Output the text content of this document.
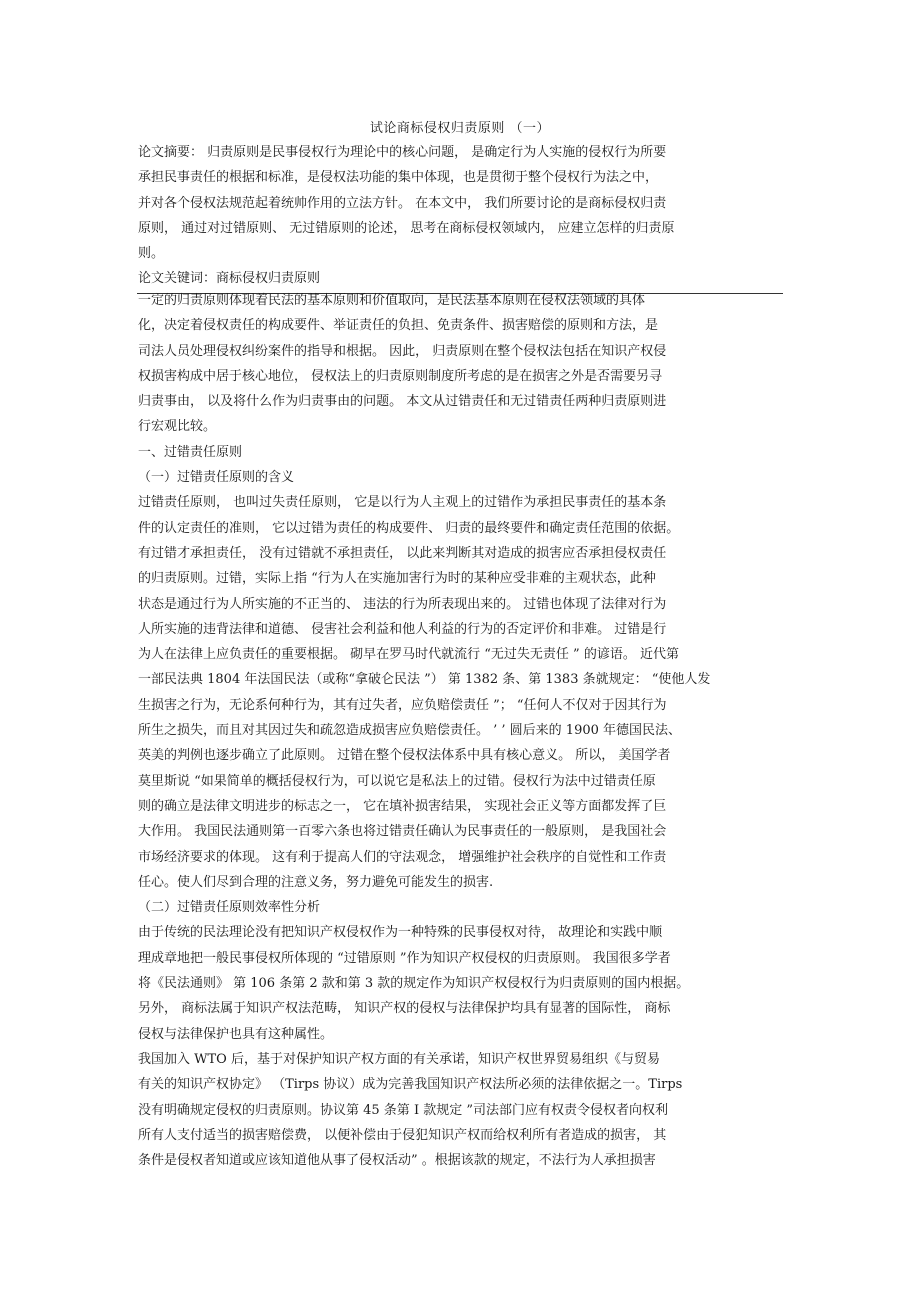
试论商标侵权归责原则 （一）
论文摘要： 归责原则是民事侵权行为理论中的核心问题， 是确定行为人实施的侵权行为所要
承担民事责任的根据和标准，是侵权法功能的集中体现，也是贯彻于整个侵权行为法之中，
并对各个侵权法规范起着统帅作用的立法方针。 在本文中， 我们所要讨论的是商标侵权归责
原则， 通过对过错原则、 无过错原则的论述， 思考在商标侵权领域内， 应建立怎样的归责原
则。
论文关键词：商标侵权归责原则
一定的归责原则体现着民法的基本原则和价值取向，是民法基本原则在侵权法领域的具体
化，决定着侵权责任的构成要件、举证责任的负担、免责条件、损害赔偿的原则和方法，是
司法人员处理侵权纠纷案件的指导和根据。 因此， 归责原则在整个侵权法包括在知识产权侵
权损害构成中居于核心地位， 侵权法上的归责原则制度所考虑的是在损害之外是否需要另寻
归责事由， 以及将什么作为归责事由的问题。 本文从过错责任和无过错责任两种归责原则进
行宏观比较。
一、过错责任原则
（一）过错责任原则的含义
过错责任原则， 也叫过失责任原则， 它是以行为人主观上的过错作为承担民事责任的基本条
件的认定责任的准则， 它以过错为责任的构成要件、 归责的最终要件和确定责任范围的依据。
有过错才承担责任， 没有过错就不承担责任， 以此来判断其对造成的损害应否承担侵权责任
的归责原则。过错，实际上指 “行为人在实施加害行为时的某种应受非难的主观状态，此种
状态是通过行为人所实施的不正当的、 违法的行为所表现出来的。 过错也体现了法律对行为
人所实施的违背法律和道德、 侵害社会利益和他人利益的行为的否定评价和非难。 过错是行
为人在法律上应负责任的重要根据。 砌早在罗马时代就流行 “无过失无责任 ” 的谚语。 近代第
一部民法典 1804 年法国民法（或称“拿破仑民法 ”） 第 1382 条、第 1383 条就规定： “使他人发
生损害之行为，无论系何种行为，其有过失者，应负赔偿责任 ”； “任何人不仅对于因其行为
所生之损失，而且对其因过失和疏忽造成损害应负赔偿责任。 ’ ’ 圆后来的 1900 年德国民法、
英美的判例也逐步确立了此原则。 过错在整个侵权法体系中具有核心意义。 所以， 美国学者
莫里斯说 “如果简单的概括侵权行为，可以说它是私法上的过错。侵权行为法中过错责任原
则的确立是法律文明进步的标志之一， 它在填补损害结果， 实现社会正义等方面都发挥了巨
大作用。 我国民法通则第一百零六条也将过错责任确认为民事责任的一般原则， 是我国社会
市场经济要求的体现。 这有利于提高人们的守法观念， 增强维护社会秩序的自觉性和工作责
任心。使人们尽到合理的注意义务，努力避免可能发生的损害.
（二）过错责任原则效率性分析
由于传统的民法理论没有把知识产权侵权作为一种特殊的民事侵权对待， 故理论和实践中顺
理成章地把一般民事侵权所体现的 “过错原则 ”作为知识产权侵权的归责原则。 我国很多学者
将《民法通则》 第 106 条第 2 款和第 3 款的规定作为知识产权侵权行为归责原则的国内根据。
另外， 商标法属于知识产权法范畴， 知识产权的侵权与法律保护均具有显著的国际性， 商标
侵权与法律保护也具有这种属性。
我国加入 WTO 后，基于对保护知识产权方面的有关承诺，知识产权世界贸易组织《与贸易
有关的知识产权协定》 （Tirps 协议）成为完善我国知识产权法所必须的法律依据之一。Tirps
没有明确规定侵权的归责原则。协议第 45 条第 I 款规定 ”司法部门应有权责令侵权者向权利
所有人支付适当的损害赔偿费， 以便补偿由于侵犯知识产权而给权利所有者造成的损害， 其
条件是侵权者知道或应该知道他从事了侵权活动” 。根据该款的规定，不法行为人承担损害
